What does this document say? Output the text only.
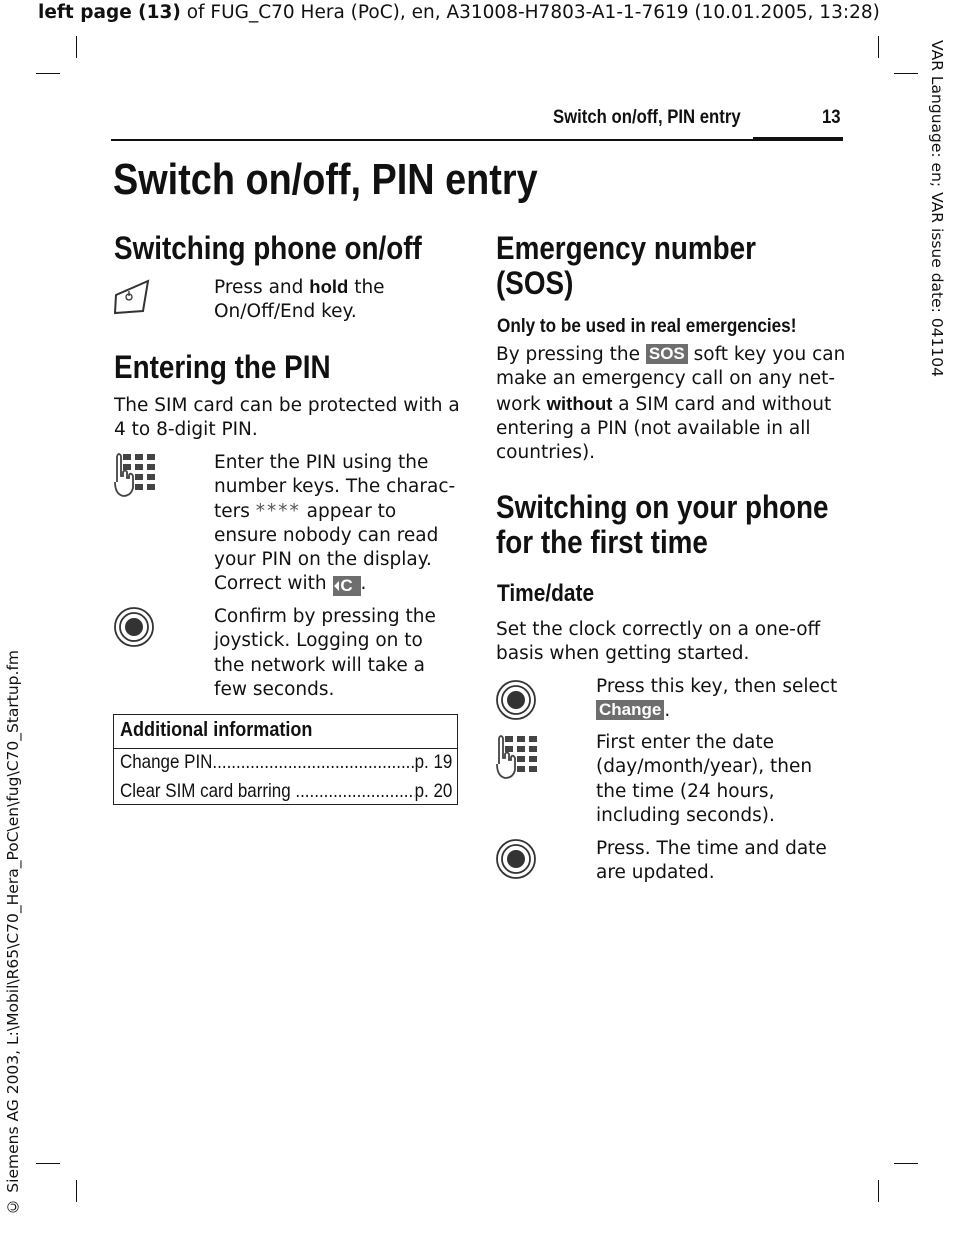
left page (13) of FUG_C70 Hera (PoC), en, A31008-H7803-A1-1-7619 (10.01.2005, 13:28)
VAR Language: en; VAR issue date: 041104
© Siemens AG 2003, L:\Mobil\R65\C70_Hera_PoC\en\fug\C70_Startup.fm
Switch on/off, PIN entry	13
Switch on/off, PIN entry
Switching phone on/off
Press and hold the
On/Off/End key.
Entering the PIN
The SIM card can be protected with a
4 to 8-digit PIN.
Enter the PIN using the
number keys. The charac-
ters **** appear to
ensure nobody can read
your PIN on the display.
Correct with C .
Confirm by pressing the
joystick. Logging on to
the network will take a
few seconds.
Additional information
Change PIN .....	p. 19
Clear SIM card barring .....	p. 20
Emergency number
(SOS)
Only to be used in real emergencies!
By pressing the SOS soft key you can
make an emergency call on any net-
work without a SIM card and without
entering a PIN (not available in all
countries).
Switching on your phone
for the first time
Time/date
Set the clock correctly on a one-off
basis when getting started.
Press this key, then select
Change .
First enter the date
(day/month/year), then
the time (24 hours,
including seconds).
Press. The time and date
are updated.
